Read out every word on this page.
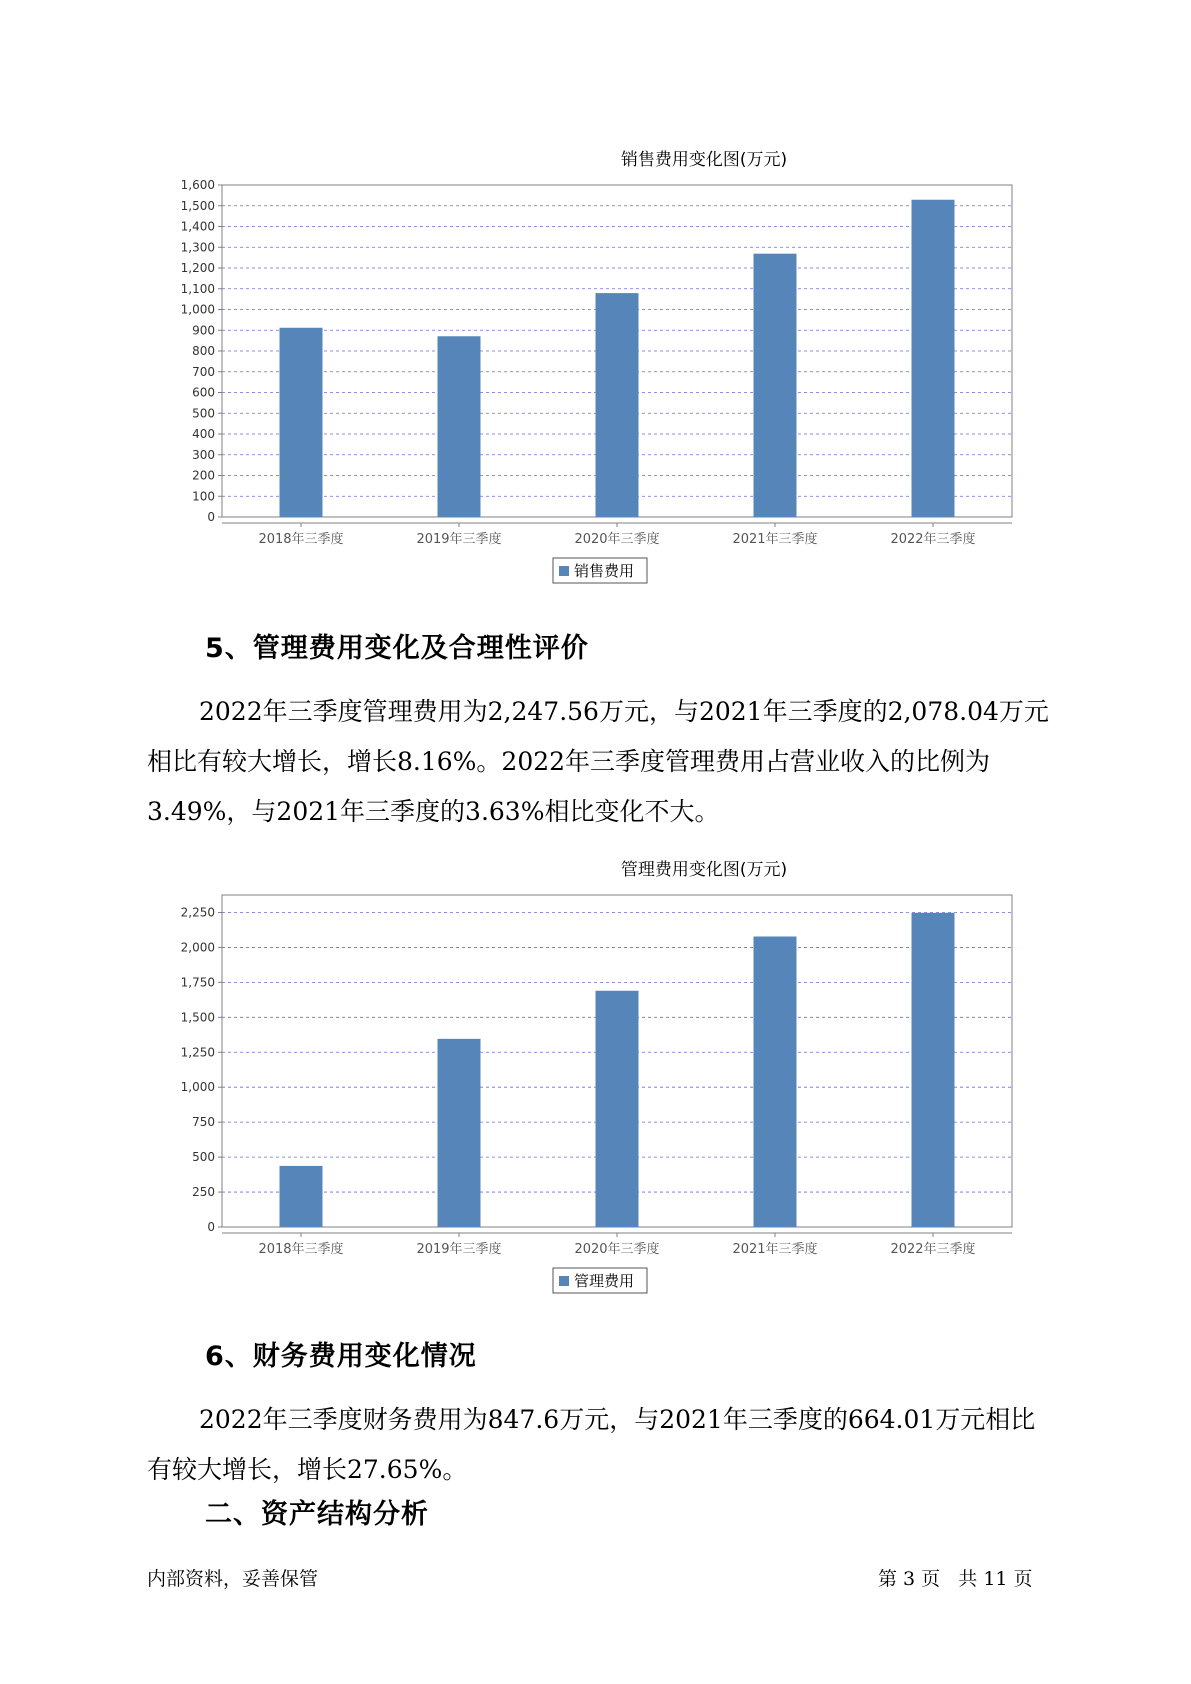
销售费用变化图(万元)
0
100
200
300
400
500
600
700
800
900
1,000
1,100
1,200
1,300
1,400
1,500
1,600
2018年三季度	2019年三季度	2020年三季度	2021年三季度	2022年三季度
销售费用
5、管理费用变化及合理性评价
2022年三季度管理费用为2,247.56万元，与2021年三季度的2,078.04万元相比有较大增长，增长8.16%。2022年三季度管理费用占营业收入的比例为3.49%，与2021年三季度的3.63%相比变化不大。
管理费用变化图(万元)
0
250
500
750
1,000
1,250
1,500
1,750
2,000
2,250
2018年三季度	2019年三季度	2020年三季度	2021年三季度	2022年三季度
管理费用
6、财务费用变化情况
2022年三季度财务费用为847.6万元，与2021年三季度的664.01万元相比有较大增长，增长27.65%。
二、资产结构分析
内部资料，妥善保管	第 3 页   共 11 页
